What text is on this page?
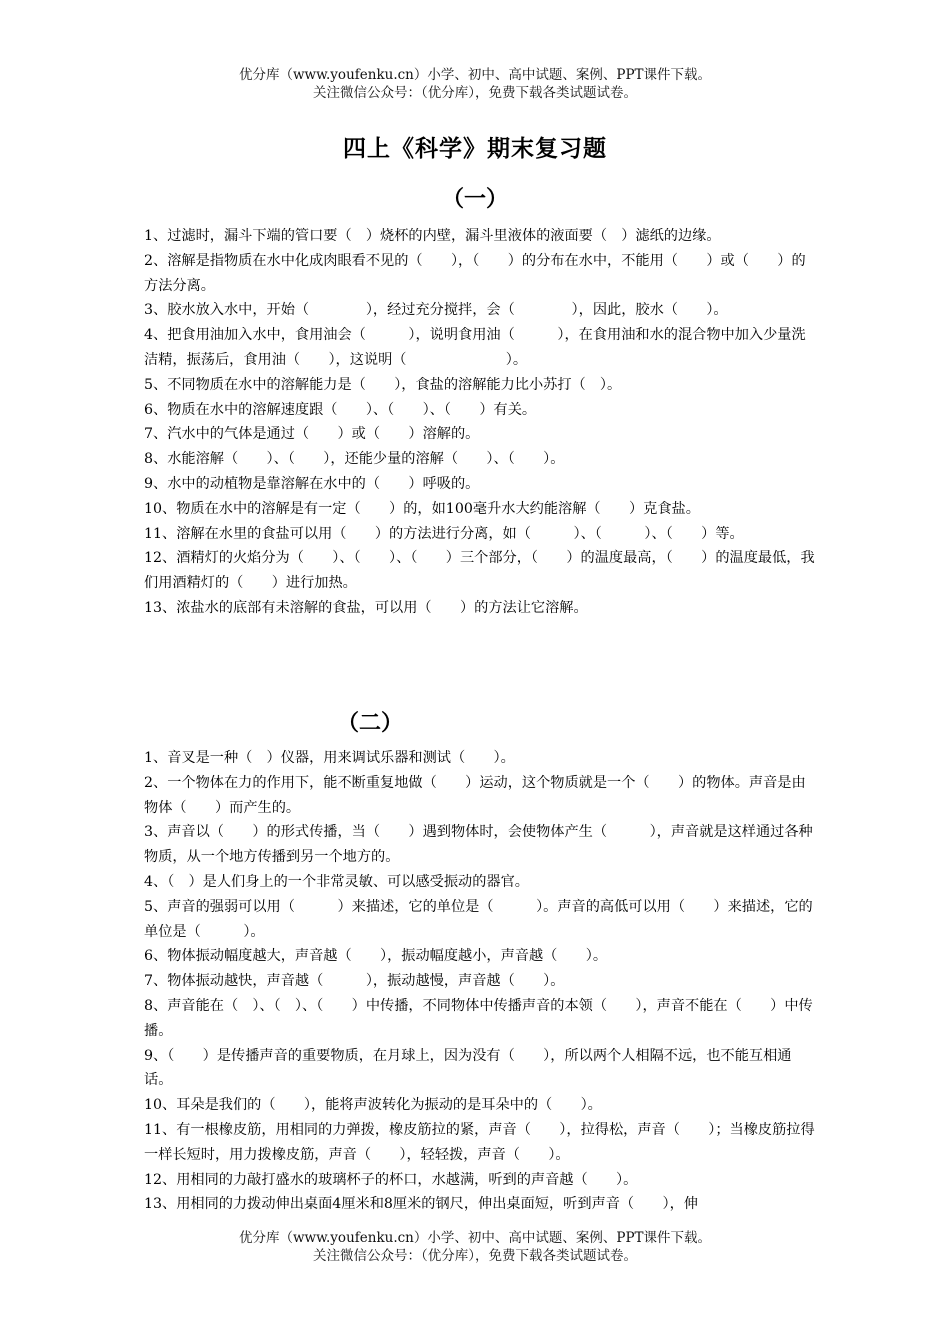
优分库（www.youfenku.cn）小学、初中、高中试题、案例、PPT课件下载。
关注微信公众号：（优分库），免费下载各类试题试卷。
四上《科学》期末复习题
（一）

1、过滤时，漏斗下端的管口要（　）烧杯的内壁，漏斗里液体的液面要（　）滤纸的边缘。

2、溶解是指物质在水中化成肉眼看不见的（　　），（　　）的分布在水中，不能用（　　）或（　　）的方法分离。

3、胶水放入水中，开始（　　　　），经过充分搅拌，会（　　　　），因此，胶水（　　）。

4、把食用油加入水中，食用油会（　　　），说明食用油（　　　），在食用油和水的混合物中加入少量洗洁精，振荡后，食用油（　　），这说明（　　　　　　　）。

5、不同物质在水中的溶解能力是（　　），食盐的溶解能力比小苏打（　）。

6、物质在水中的溶解速度跟（　　）、（　　）、（　　）有关。

7、汽水中的气体是通过（　　）或（　　）溶解的。

8、水能溶解（　　）、（　　），还能少量的溶解（　　）、（　　）。

9、水中的动植物是靠溶解在水中的（　　）呼吸的。

10、物质在水中的溶解是有一定（　　）的，如100毫升水大约能溶解（　　）克食盐。

11、溶解在水里的食盐可以用（　　）的方法进行分离，如（　　　）、（　　　）、（　　）等。

12、酒精灯的火焰分为（　　）、（　　）、（　　）三个部分，（　　）的温度最高，（　　）的温度最低，我们用酒精灯的（　　）进行加热。

13、浓盐水的底部有未溶解的食盐，可以用（　　）的方法让它溶解。

（二）

1、音叉是一种（　）仪器，用来调试乐器和测试（　　）。

2、一个物体在力的作用下，能不断重复地做（　　）运动，这个物质就是一个（　　）的物体。声音是由物体（　　）而产生的。

3、声音以（　　）的形式传播，当（　　）遇到物体时，会使物体产生（　　　），声音就是这样通过各种物质，从一个地方传播到另一个地方的。

4、（　）是人们身上的一个非常灵敏、可以感受振动的器官。

5、声音的强弱可以用（　　　）来描述，它的单位是（　　　）。声音的高低可以用（　　）来描述，它的单位是（　　　）。

6、物体振动幅度越大，声音越（　　），振动幅度越小，声音越（　　）。

7、物体振动越快，声音越（　　　），振动越慢，声音越（　　）。

8、声音能在（　）、（　）、（　　）中传播，不同物体中传播声音的本领（　　），声音不能在（　　）中传播。

9、（　　）是传播声音的重要物质，在月球上，因为没有（　　），所以两个人相隔不远，也不能互相通话。

10、耳朵是我们的（　　），能将声波转化为振动的是耳朵中的（　　）。

11、有一根橡皮筋，用相同的力弹拨，橡皮筋拉的紧，声音（　　），拉得松，声音（　　）；当橡皮筋拉得一样长短时，用力拨橡皮筋，声音（　　），轻轻拨，声音（　　）。

12、用相同的力敲打盛水的玻璃杯子的杯口，水越满，听到的声音越（　　）。

13、用相同的力拨动伸出桌面4厘米和8厘米的钢尺，伸出桌面短，听到声音（　　），伸

优分库（www.youfenku.cn）小学、初中、高中试题、案例、PPT课件下载。
关注微信公众号：（优分库），免费下载各类试题试卷。
